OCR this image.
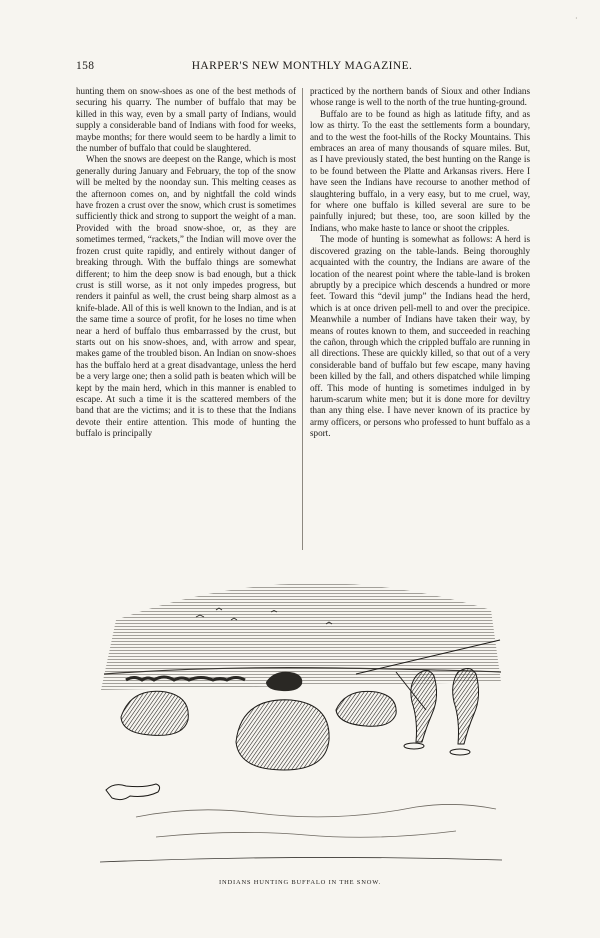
·
158	HARPER'S NEW MONTHLY MAGAZINE.

hunting them on snow-shoes as one of the best methods of securing his quarry. The number of buffalo that may be killed in this way, even by a small party of Indians, would supply a considerable band of Indians with food for weeks, maybe months; for there would seem to be hardly a limit to the number of buffalo that could be slaughtered.

When the snows are deepest on the Range, which is most generally during January and February, the top of the snow will be melted by the noonday sun. This melting ceases as the afternoon comes on, and by nightfall the cold winds have frozen a crust over the snow, which crust is sometimes sufficiently thick and strong to support the weight of a man. Provided with the broad snow-shoe, or, as they are sometimes termed, “rackets,” the Indian will move over the frozen crust quite rapidly, and entirely without danger of breaking through. With the buffalo things are somewhat different; to him the deep snow is bad enough, but a thick crust is still worse, as it not only impedes progress, but renders it painful as well, the crust being sharp almost as a knife-blade. All of this is well known to the Indian, and is at the same time a source of profit, for he loses no time when near a herd of buffalo thus embarrassed by the crust, but starts out on his snow-shoes, and, with arrow and spear, makes game of the troubled bison. An Indian on snow-shoes has the buffalo herd at a great disadvantage, unless the herd be a very large one; then a solid path is beaten which will be kept by the main herd, which in this manner is enabled to escape. At such a time it is the scattered members of the band that are the victims; and it is to these that the Indians devote their entire attention. This mode of hunting the buffalo is principally

practiced by the northern bands of Sioux and other Indians whose range is well to the north of the true hunting-ground.

Buffalo are to be found as high as latitude fifty, and as low as thirty. To the east the settlements form a boundary, and to the west the foot-hills of the Rocky Mountains. This embraces an area of many thousands of square miles. But, as I have previously stated, the best hunting on the Range is to be found between the Platte and Arkansas rivers. Here I have seen the Indians have recourse to another method of slaughtering buffalo, in a very easy, but to me cruel, way, for where one buffalo is killed several are sure to be painfully injured; but these, too, are soon killed by the Indians, who make haste to lance or shoot the cripples.

The mode of hunting is somewhat as follows: A herd is discovered grazing on the table-lands. Being thoroughly acquainted with the country, the Indians are aware of the location of the nearest point where the table-land is broken abruptly by a precipice which descends a hundred or more feet. Toward this “devil jump” the Indians head the herd, which is at once driven pell-mell to and over the precipice. Meanwhile a number of Indians have taken their way, by means of routes known to them, and succeeded in reaching the cañon, through which the crippled buffalo are running in all directions. These are quickly killed, so that out of a very considerable band of buffalo but few escape, many having been killed by the fall, and others dispatched while limping off. This mode of hunting is sometimes indulged in by harum-scarum white men; but it is done more for deviltry than any thing else. I have never known of its practice by army officers, or persons who professed to hunt buffalo as a sport.

INDIANS HUNTING BUFFALO IN THE SNOW.
